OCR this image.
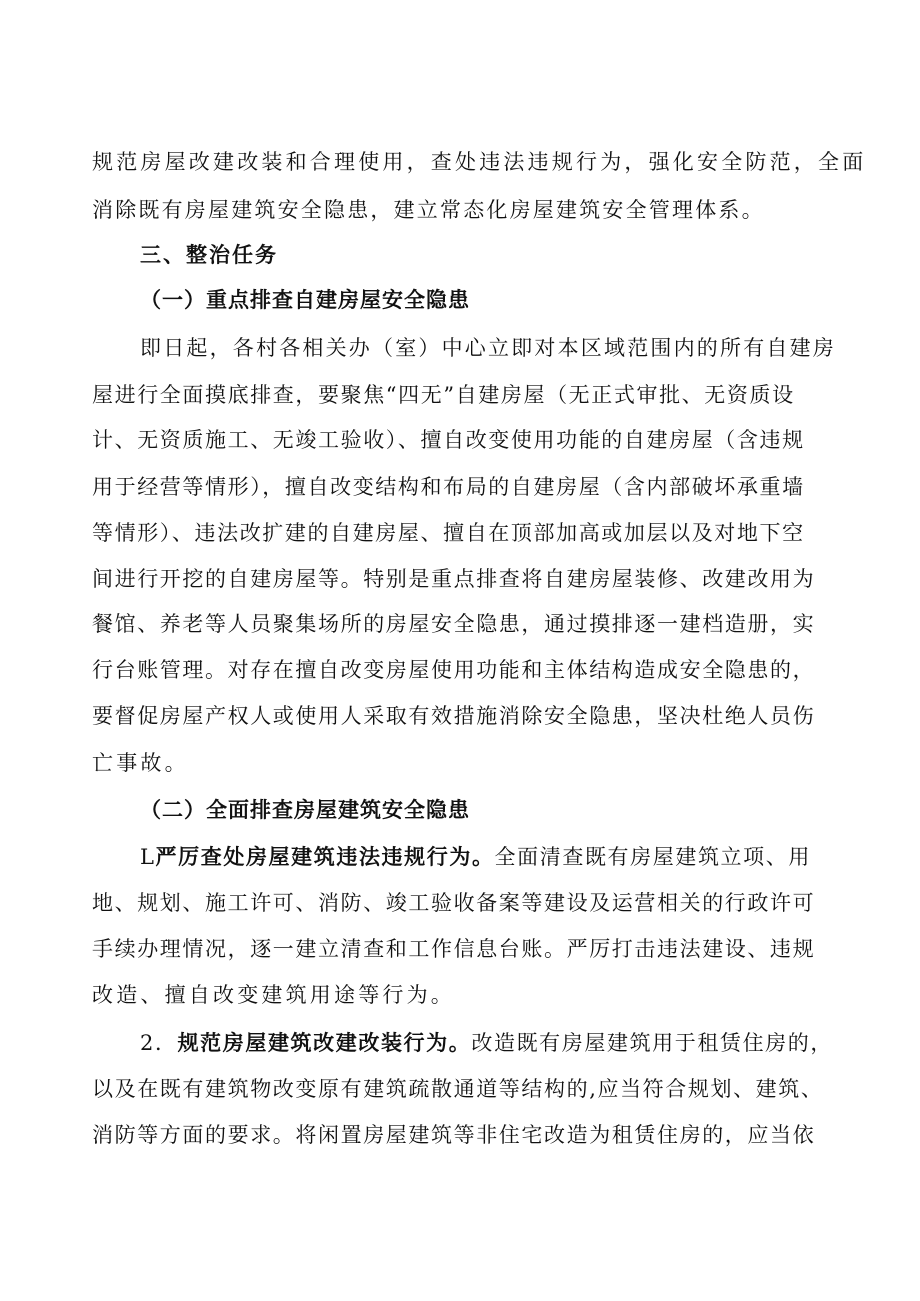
规范房屋改建改装和合理使用，查处违法违规行为，强化安全防范，全面
消除既有房屋建筑安全隐患，建立常态化房屋建筑安全管理体系。
三、整治任务
（一）重点排查自建房屋安全隐患
即日起，各村各相关办（室）中心立即对本区域范围内的所有自建房
屋进行全面摸底排查，要聚焦“四无”自建房屋（无正式审批、无资质设
计、无资质施工、无竣工验收）、擅自改变使用功能的自建房屋（含违规
用于经营等情形），擅自改变结构和布局的自建房屋（含内部破坏承重墙
等情形）、违法改扩建的自建房屋、擅自在顶部加高或加层以及对地下空
间进行开挖的自建房屋等。特别是重点排查将自建房屋装修、改建改用为
餐馆、养老等人员聚集场所的房屋安全隐患，通过摸排逐一建档造册，实
行台账管理。对存在擅自改变房屋使用功能和主体结构造成安全隐患的，
要督促房屋产权人或使用人采取有效措施消除安全隐患，坚决杜绝人员伤
亡事故。
（二）全面排查房屋建筑安全隐患
L严厉查处房屋建筑违法违规行为。全面清查既有房屋建筑立项、用
地、规划、施工许可、消防、竣工验收备案等建设及运营相关的行政许可
手续办理情况，逐一建立清查和工作信息台账。严厉打击违法建设、违规
改造、擅自改变建筑用途等行为。
2．规范房屋建筑改建改装行为。改造既有房屋建筑用于租赁住房的，
以及在既有建筑物改变原有建筑疏散通道等结构的,应当符合规划、建筑、
消防等方面的要求。将闲置房屋建筑等非住宅改造为租赁住房的，应当依
